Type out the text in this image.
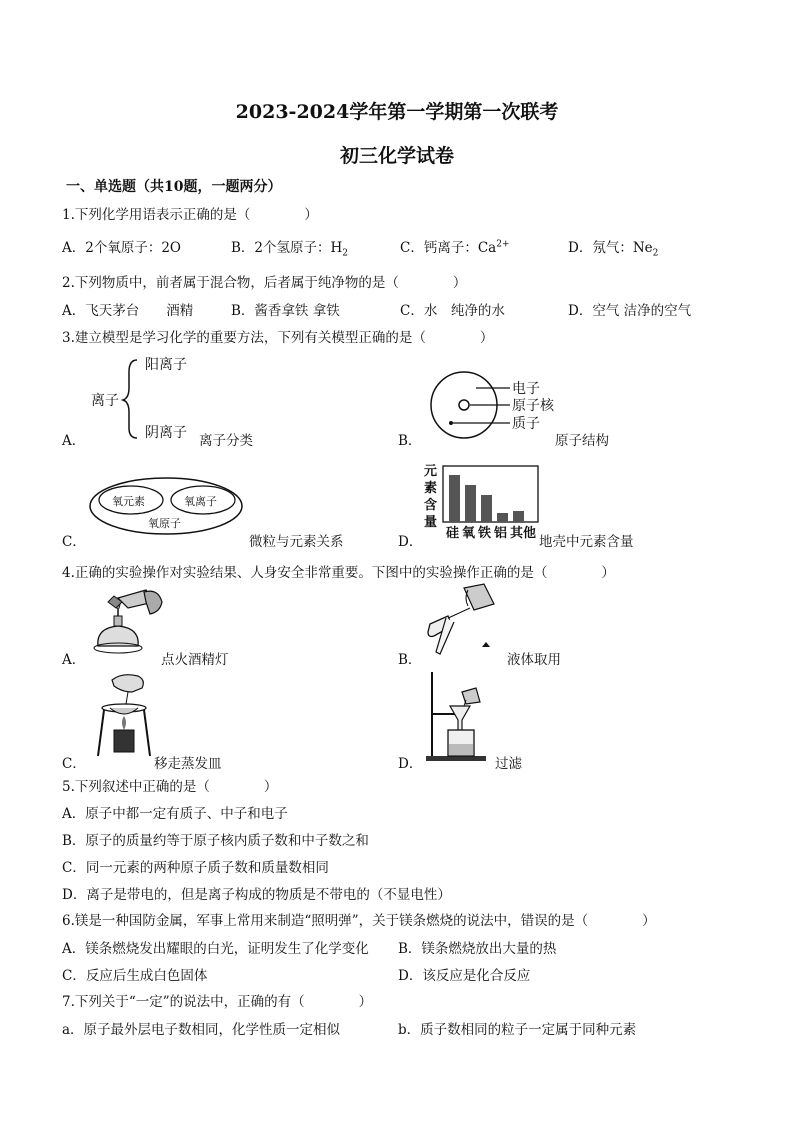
2023-2024学年第一学期第一次联考
初三化学试卷
一、单选题（共10题，一题两分）
1.下列化学用语表示正确的是（　　　　）
A．2个氧原子：2O	B．2个氢原子：$H_2$	C．钙离子：$Ca^{2+}$	D．氖气：$Ne_2$
2.下列物质中，前者属于混合物，后者属于纯净物的是（　　　　）
A．飞天茅台　　酒精	B．酱香拿铁 拿铁	C．水　纯净的水	D．空气 洁净的空气
3.建立模型是学习化学的重要方法，下列有关模型正确的是（　　　　）
离子
阳离子
阴离子
A．	离子分类
电子
原子核
质子
B．	原子结构
氧元素	氧离子
氧原子
C．	微粒与元素关系
元
素
含
量
硅 氧 铁 铝 其他
D．	地壳中元素含量
4.正确的实验操作对实验结果、人身安全非常重要。下图中的实验操作正确的是（　　　　）
A．	点火酒精灯	B．	液体取用
C．	移走蒸发皿	D．	过滤
5.下列叙述中正确的是（　　　　）
A．原子中都一定有质子、中子和电子
B．原子的质量约等于原子核内质子数和中子数之和
C．同一元素的两种原子质子数和质量数相同
D．离子是带电的，但是离子构成的物质是不带电的（不显电性）
6.镁是一种国防金属，军事上常用来制造“照明弹”，关于镁条燃烧的说法中，错误的是（　　　　）
A．镁条燃烧发出耀眼的白光，证明发生了化学变化 B．镁条燃烧放出大量的热
C．反应后生成白色固体	D．该反应是化合反应
7.下列关于“一定”的说法中，正确的有（　　　　）
a．原子最外层电子数相同，化学性质一定相似	b．质子数相同的粒子一定属于同种元素
